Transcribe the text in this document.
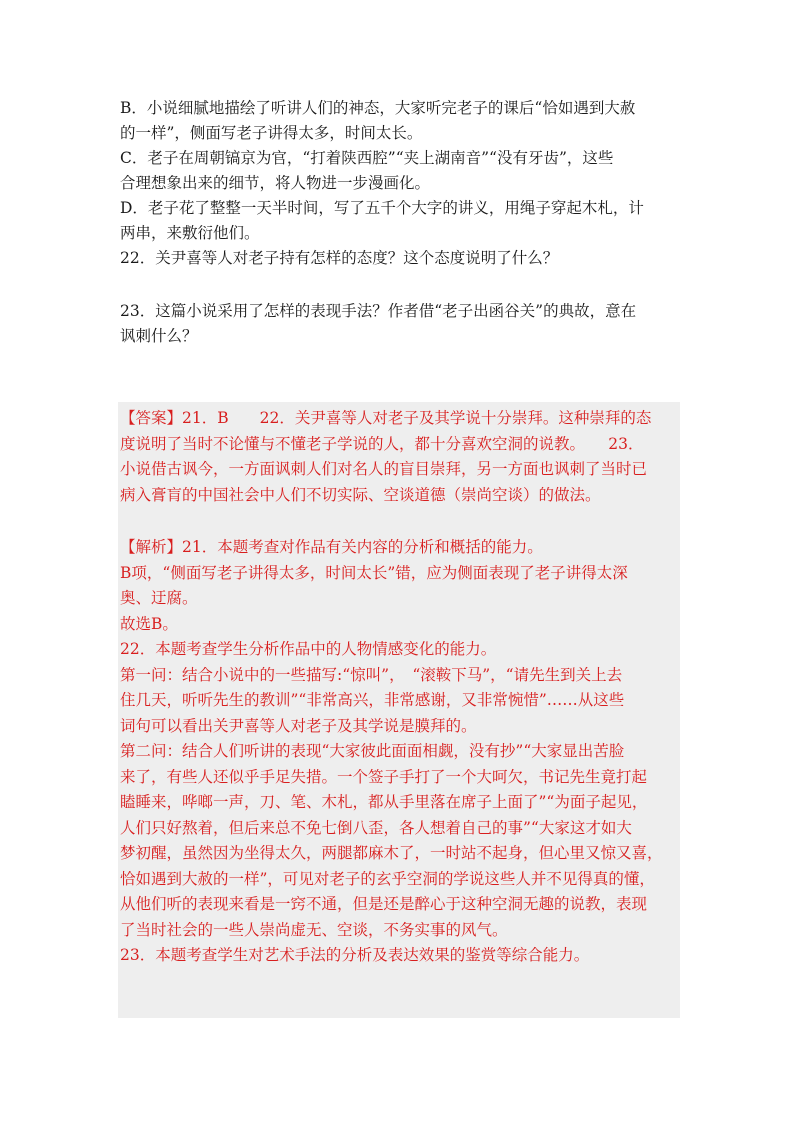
B．小说细腻地描绘了听讲人们的神态，大家听完老子的课后“恰如遇到大赦

的一样”，侧面写老子讲得太多，时间太长。

C．老子在周朝镐京为官，“打着陕西腔”“夹上湖南音”“没有牙齿”，这些

合理想象出来的细节，将人物进一步漫画化。

D．老子花了整整一天半时间，写了五千个大字的讲义，用绳子穿起木札，计

两串，来敷衍他们。

22．关尹喜等人对老子持有怎样的态度？这个态度说明了什么？

23．这篇小说采用了怎样的表现手法？作者借“老子出函谷关”的典故，意在

讽刺什么？

【答案】21．B　　22．关尹喜等人对老子及其学说十分崇拜。这种崇拜的态

度说明了当时不论懂与不懂老子学说的人，都十分喜欢空洞的说教。　　23．

小说借古讽今，一方面讽刺人们对名人的盲目崇拜，另一方面也讽刺了当时已

病入膏肓的中国社会中人们不切实际、空谈道德（崇尚空谈）的做法。

【解析】21．本题考查对作品有关内容的分析和概括的能力。

B项，“侧面写老子讲得太多，时间太长”错，应为侧面表现了老子讲得太深

奥、迂腐。

故选B。

22．本题考查学生分析作品中的人物情感变化的能力。

第一问：结合小说中的一些描写:“惊叫”，　“滚鞍下马”，“请先生到关上去

住几天，听听先生的教训”“非常高兴，非常感谢，又非常惋惜”……从这些

词句可以看出关尹喜等人对老子及其学说是膜拜的。

第二问：结合人们听讲的表现“大家彼此面面相觑，没有抄”“大家显出苦脸

来了，有些人还似乎手足失措。一个签子手打了一个大呵欠，书记先生竟打起

瞌睡来，哗啷一声，刀、笔、木札，都从手里落在席子上面了”“为面子起见，

人们只好熬着，但后来总不免七倒八歪，各人想着自己的事”“大家这才如大

梦初醒，虽然因为坐得太久，两腿都麻木了，一时站不起身，但心里又惊又喜，

恰如遇到大赦的一样”，可见对老子的玄乎空洞的学说这些人并不见得真的懂，

从他们听的表现来看是一窍不通，但是还是醉心于这种空洞无趣的说教，表现

了当时社会的一些人崇尚虚无、空谈，不务实事的风气。

23．本题考查学生对艺术手法的分析及表达效果的鉴赏等综合能力。
